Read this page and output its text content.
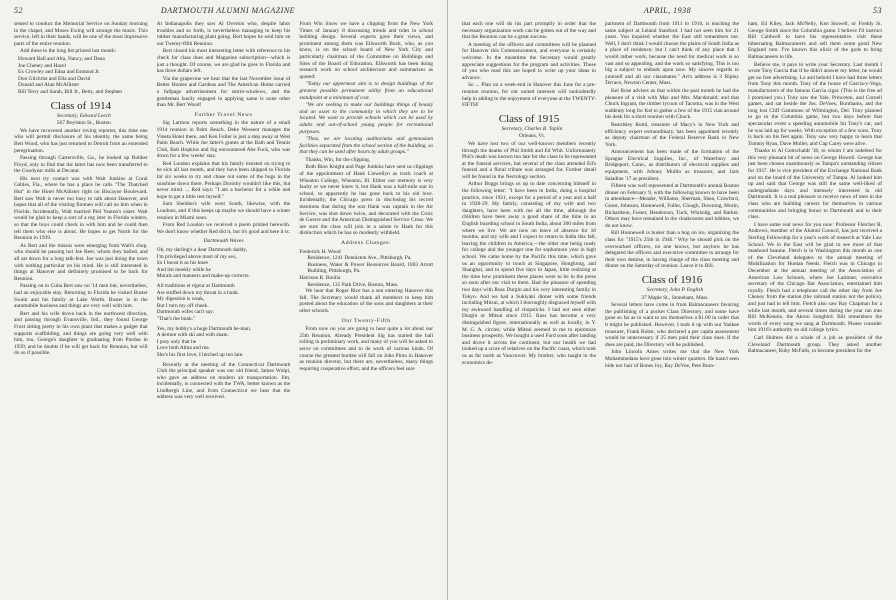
52	DARTMOUTH ALUMNI MAGAZINE

sented to conduct the Memorial Service on Sunday morning in the chapel, and Moses Ewing will arrange the music. This service, left in their hands, will be one of the most impressive parts of the entire reunion.

Add these to the long list printed last month:

Howard Ball and Alta, Nancy, and Dana

Joe Cheney and Hazel

Ex Crowley and Edna and Esmond Jr.

Don Gilchrist and Ella and David

Donald and Alan McAllister

Bill Terry and Sarah, Bill Jr., Betty, and Stephen

Class of 1914

Secretary, Edward Leech

567 Boylston St., Boston

We have recovered another roving reporter, this time one who will permit disclosure of his identity, the same being Bert Wood, who has just returned to Detroit from an extended peregrination.

Passing through Cartersville, Ga., he looked up Rubber Floyd, only to find that the latter has now been transferred to the Goodyear mills at Decatur.

His next try contact was with Walt Junkins at Coral Gables, Fla., where he has a place he calls "The Thatched Hut" in the Hotel McAllister right on Biscayne Boulevard. Bert saw Walt is never too busy to talk about Hanover, and hopes that all of the visiting firemen will call on him when in Florida. Incidentally, Walt married Phil Yeaton's sister. Walt would be glad to keep a sort of a reg ister in Florida winters, so that the boys could check in with him and he could then tell them who else is about. He hopes to get North for the Reunion in 1939.

As Bert and the missus were emerging from Walt's shop, who should be passing but Joe Beer, whom they hailed, and all sat down for a long talk-fest. Joe was just doing the town with nothing particular on his mind. He is still interested in things at Hanover and definitely promised to be back for Reunion.

Passing on to Cuba Bert saw no '14 men but, nevertheless, had an enjoyable stay. Returning to Florida he visited Buster Swain and his family at Lake Worth. Buster is in the automobile business and things are very well with him.

Bert and his wife drove back in the northwest direction, and passing through Evansville, Ind., they found George Frost sitting pretty in his own plant that makes a gadget that supports scaffolding, and things are going very well with him, too. George's daughter is graduating from Purdue in 1939, and he doubts if he will get back for Reunion, but will do so if possible.

At Indianapolis they saw Al Overton who, despite labor troubles and so forth, is nevertheless managing to keep his rubber manufacturing plant going. Bert hopes he sold him on our Twenty-fifth Reunion.

Bert closed his most interesting letter with reference to his check for class dues and Magazine subscription—which is just a thought. Of course, we are glad he goes to Florida and has three dollars left.

Via the grapevine we hear that the last November issue of Better Homes and Gardens and The American Home carried a fullpage advertisement for storm-windows, and the gentleman busily engaged in applying same is none other than Mr. Bert Wood!

Further Travel News

Sig Larmon reports something in the nature of a small 1914 reunion in Palm Beach. Deke Wessent manages the Vineta Hotel there, and Ken Fuller is just a step away at West Palm Beach. While the latter's guests at the Bath and Tennis Club, Bob Hopkins and Sig encountered Abe Fuck, who was down for a few weeks' stay.

Red Loudon explains that his family insisted on trying to be sick all last month, and they have been shipped to Florida for six weeks to try and chase out some of the bugs in the sunshine down there. Perhaps Dorothy wouldn't like this, but never mind. ... Red says: "I am a bachelor for a while and hope to get a little rest myself."

Sam Sheldon's wife went South, likewise, with the Loudons, and if this keeps up maybe we should have a winter reunion in Miami soon.

From Red Loudon we received a poem printed herewith. We don't know whether Red did it, but it's good and here it is:

Dartmouth Waves

Oh, my darling's a dear Dartmouth daddy,

I'm privileged above most of my sex,

So I boost it as his knee

And list meekly while he

Morals and manners and make-up corrects.

All traditions et rigeur at Dartmouth

Are stuffed down my throat in a hunk.

My digestion is weak,

But I turn my off cheek.

Dartmouth wifes can't say:

"That's the bunk."

Yes, my hubby's a huge Dartmouth he-man,

A demon with ski and with skate.

I pray only that he

Love both Alma and me.

She's his first love; I hitched up too late.

Recently at the meeting of the Connecticut Dartmouth Club the principal speaker was our old friend, James Wulpi, who gave an address on modern air transportation. Jim, incidentally, is connected with the TWA, better known as the Lindbergh Line, and from Connecticut we hear that the address was very well received.

From Win Snow we have a clipping from the New York Times of January 8 discussing trends and tides in school building design. Several experts gave their views, and prominent among them was Ellsworth Bock, who, as you know, is on the school board of New York City and particularly chairman of the Committee on Buildings and Sites of the Board of Education. Ellsworth has been doing research work on school architecture and summarizes as quoted:

"Today our uppermost aim is to design buildings of the greatest possible permanent utility from an educational standpoint at a minimum of cost.

"We are seeking to make our buildings things of beauty and an asset to the community in which they are to be located. We want to provide schools which can be used by adults and out-of-school young people for recreational purposes.

"Thus, we are locating auditoriums and gymnasium facilities separated from the school section of the building, so that they can be used after hours by adult groups."

Thanks, Win, for the clipping.

Both Bino Knight and Page Junkins have sent us clippings of the appointment of Hank Llewellyn as track coach at Wheaton College, Wheaton, Ill. Either our memory is very faulty or we never knew it, but Hank was a half-mile star in school, so apparently he has gone back to his old love. Incidentally, the Chicago press in disclosing his record mentions that during the war Hank was captain in the Air Service, was shot down twice, and decorated with the Croix de Guerre and the American Distinguished Service Cross. We are sure the class will join in a salute to Hank for this distinction which he has so modestly withheld.

Address Changes:

Frederick H. Wood

Residence, 1241 Denniston Ave., Pittsburgh, Pa.

Business, Water & Power Resources Board, 1803 Arrott Building, Pittsburgh, Pa.

Harrison R. Boulia

Residence, 135 Park Drive, Boston, Mass.

We hear that Roger Rice has a son entering Hanover this fall. The Secretary would thank all members to keep him posted about the education of the sons and daughters at their other schools.

Our Twenty-Fifth

From now on you are going to hear quite a lot about our 25th Reunion. Already President Sig has started the ball rolling in preliminary work, and many of you will be asked to serve on committees and to do work of various kinds. Of course the greatest burden will fall on John Pinto in Hanover as reunion director, but there are, nevertheless, many things requiring cooperative effort, and the officers feel sure

APRIL, 1938	53

that each one will do his part promptly in order that the necessary organization work can be gotten out of the way and that the Reunion can be a great success.

A meeting of the officers and committees will be planned for Hanover this Commencement, and everyone is certainly welcome. In the meantime the Secretary would greatly appreciate suggestions for the program and activities. Those of you who read this are hoped to write up your ideas in advance.

So ... Plan on a week-end in Hanover this June for a pre-reunion reunion, for our united interests will undoubtedly help in adding to the enjoyment of everyone at the TWENTY-FIFTH!

Class of 1915

Secretary, Charles R. Taplin

Orleans, Vt.

We have lost two of our well-known members recently through the deaths of Phil Smith and Ed Whit. Unfortunately Phil's death was known too late for the class to be represented at the funeral services, but several of the class attended Ed's funeral and a floral tribute was arranged for. Further detail will be found in the Necrology section.

Arthur Boggs brings us up to date concerning himself in the following letter: "I have been in India, doing a hospital practice, since 1921, except for a period of a year and a half in 1928-29. My family, consisting of my wife and two daughters, have been with me all the time, although the children have been away a good share of the time in an English boarding school in South India, about 300 miles from where we live. We are now on leave of absence for 18 months, and my wife and I expect to return to India this fall, leaving the children in America,—the older one being ready for college and the younger one for sophomore year in high school. We came home by the Pacific this time, which gave us an opportunity to touch at Singapore, Hongkong, and Shanghai, and to spend five days in Japan, little realizing at the time how prominent these places were to be in the press so soon after our visit to them. Had the pleasure of spending two days with Russ Durgin and his very interesting family in Tokyo. And we had a Sukiyaki dinner with some friends including Mitsui, at which I thoroughly disgraced myself with my awkward handling of chopsticks. I had not seen either Durgin or Mitsui since 1915. Russ has become a very distinguished figure, internationally as well as locally, in Y. M. C. A. circles; while Mitsui seemed to me to epitomize business prosperity. We bought a used Ford soon after landing and drove it across the continent, but our health we had looked up a score of relatives on the Pacific coast, which took us as far north as Vancouver. My brother, who taught in the economics de-

partment of Dartmouth from 1911 to 1916, is teaching the same subject at Leland Stanford. I had not seen him for 21 years. You inquired whether the East still remembers me. Well, I don't think I would choose the plains of South India as a place of residence; but I can't think of any place that I would rather work, because the need for medical work is so vast and so appealing, and the work so satisfying. This is too big a subject to embark upon now. My sincere regards to yourself and all our classmates." Art's address is 3 Ripley Terrace, Newton Center, Mass.

Kel Rose advises us that within the past month he had the pleasure of a visit with Mac and Mrs. Macdonald; and that Chuck Ingram, the timber tycoon of Tacoma, was in the West suddenly long for Kel to gather a few of the 1915 clan around his desk for a short reunion with Chuck.

Beardsley Ruml, treasurer of Macy's in New York and efficiency expert extraordinary, has been appointed recently as deputy chairman of the Federal Reserve Bank in New York.

Announcement has been made of the formation of the Sprague Electrical Supplies, Inc., of Waterbury and Bridgeport, Conn., as distributors of electrical supplies and equipment, with Johnny Mullin as treasurer, and Jack Saladine '17 as president.

Fifteen was well represented at Dartmouth's annual Boston dinner on February 9, with the following known to have been in attendance—Meader, Williams, Sherman, Shea, Crawford, Guest, Johnson, Hunnewell, Fuller, Clough, Downing, Morin, Richardson, Foster, Henderson, Tuck, Whitsidg, and Barker. Others may have remained in the cloakrooms and lobbies, we do not know.

Bill Hunnewell is busier than a hog on ice, organizing the class for "1915's 25th in 1940." Why he should pick on the overworked officers, no one knows, but anyhow he has delegated the officers and executive committee to arrange for their own demise, in having charge of the class meeting and dinner on the Saturday of reunion. Leave it to Bill.

Class of 1916

Secretary, John P. English

37 Maple St., Stoneham, Mass.

Several letters have come in from Balmacaneers favoring the publishing of a pocket Class Directory, and some have gone so far as to want to tax themselves a $1.00 in order that it might be published. However, I took it up with our Yankee treasurer, Frank Bobst, who declared a per capita assessment would be unnecessary if 25 men paid their class dues. If the dues are paid, the Directory will be published.

John Lincoln Ames writes me that the New York Mohammedans have gone into winter quarters. He hasn't seen hide nor hair of Bones Joy, Ray DeVoe, Pete Burn-

ham, Ed Kiley, Jack McNelly, Ken Stowell, or Freddy St. George Smith since the Columbia game. I believe I'll instruct Bill Caldwell to have his representative visit these hibernating Balmacaneers and sell them some good New England rum. I've known this elixir of the gods to bring Balmacaneers to life.

Believe me, it pays to write your Secretary. Last month I wrote Tony Garcia that if he didn't answer my letter, he would get no free advertising. Lo and behold I have had three letters from Tony this month. Tony of the house of Garcia-y-Vega, manufacturers of the famous Garcia cigar. (This is the free ad I promised you.) Tony saw the Yale, Princeton, and Cornell games, and sat beside the Jos. DeVoes, Burnhams, and the long lost Cliff Gammons of Wilmington, Del. Tony planned to go to the Columbia game, but two days before that spectacular event a speeding automobile hit Tony's car, and he was laid up for weeks. With exception of a few scars, Tony is back on his feet again. Tony saw very happy to learn that Tommy Ryan, Dave Muller, and Cap Carey were alive.

Thanks to Al Gottschaldt '18, to whom I am indebted for this very pleasant bit of news on George Howell. George has just been chosen unanimously as Tampa's outstanding citizen for 1937. He is vice president of the Exchange National Bank and on the board of the University of Tampa. Al looked him up and said that George was still the same well-liked of undergraduate days and intensely interested in old Dartmouth. It is a real pleasure to receive news of men in the class who are building careers for themselves in various communities and bringing honor to Dartmouth and to their class.

I have some real news for you now: Professor Fletcher R. Andrews, member of the Alumni Council, has just received a Sterling Fellowship for a year's work of research at Yale Law School. We in the East will be glad to see more of that manhood beaune. Fletch is in Washington this month as one of the Cleveland delegates to the annual meeting of Mobilization for Human Needs. Fletch was in Chicago in December at the annual meeting of the Association of American Law Schools, where Joe Lattimer, executive secretary of the Chicago Bar Association, entertained him royally. Fletch had a telephone call the other day from Joe Cheney from the station (the railroad station not the police), and just had to tell him. Fletch also saw Ray Chapman for a while last month, and several times during the year ran into Bill McKennie, the Akron Songbird. Bill remembers the words of every song we sang at Dartmouth. Please consider him 1916's authority on old college lyrics.

Carl Holmes did a whale of a job as president of the Cleveland Dartmouth group. They asked another Balmacaneer, Ruby McFalls, to become president for the
